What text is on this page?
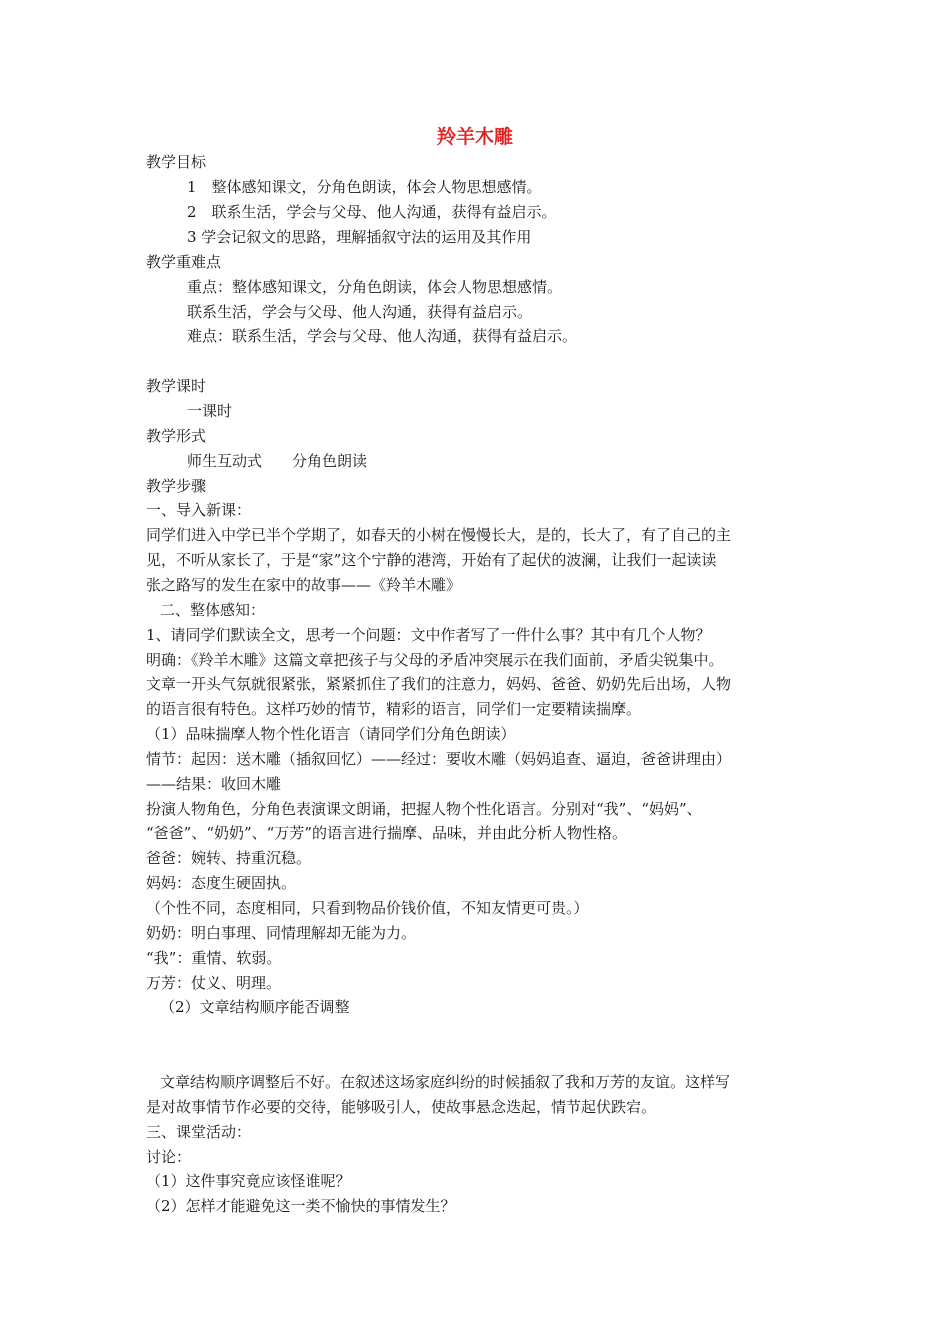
羚羊木雕
教学目标
1　整体感知课文，分角色朗读，体会人物思想感情。
2　联系生活，学会与父母、他人沟通，获得有益启示。
3 学会记叙文的思路，理解插叙守法的运用及其作用
教学重难点
重点：整体感知课文，分角色朗读，体会人物思想感情。
联系生活，学会与父母、他人沟通，获得有益启示。
难点：联系生活，学会与父母、他人沟通，获得有益启示。
教学课时
一课时
教学形式
师生互动式　　分角色朗读
教学步骤
一、导入新课：
同学们进入中学已半个学期了，如春天的小树在慢慢长大，是的，长大了，有了自己的主
见，不听从家长了，于是“家”这个宁静的港湾，开始有了起伏的波澜，让我们一起读读
张之路写的发生在家中的故事——《羚羊木雕》
二、整体感知：
1、请同学们默读全文，思考一个问题：文中作者写了一件什么事？其中有几个人物？
明确：《羚羊木雕》这篇文章把孩子与父母的矛盾冲突展示在我们面前，矛盾尖锐集中。
文章一开头气氛就很紧张，紧紧抓住了我们的注意力，妈妈、爸爸、奶奶先后出场，人物
的语言很有特色。这样巧妙的情节，精彩的语言，同学们一定要精读揣摩。
（1）品味揣摩人物个性化语言（请同学们分角色朗读）
情节：起因：送木雕（插叙回忆）——经过：要收木雕（妈妈追查、逼迫，爸爸讲理由）
——结果：收回木雕
扮演人物角色，分角色表演课文朗诵，把握人物个性化语言。分别对“我”、“妈妈”、
“爸爸”、“奶奶”、“万芳”的语言进行揣摩、品味，并由此分析人物性格。
爸爸：婉转、持重沉稳。
妈妈：态度生硬固执。
（个性不同，态度相同，只看到物品价钱价值，不知友情更可贵。）
奶奶：明白事理、同情理解却无能为力。
“我”：重情、软弱。
万芳：仗义、明理。
（2）文章结构顺序能否调整
文章结构顺序调整后不好。在叙述这场家庭纠纷的时候插叙了我和万芳的友谊。这样写
是对故事情节作必要的交待，能够吸引人，使故事悬念迭起，情节起伏跌宕。
三、课堂活动：
讨论：
（1）这件事究竟应该怪谁呢？
（2）怎样才能避免这一类不愉快的事情发生？
